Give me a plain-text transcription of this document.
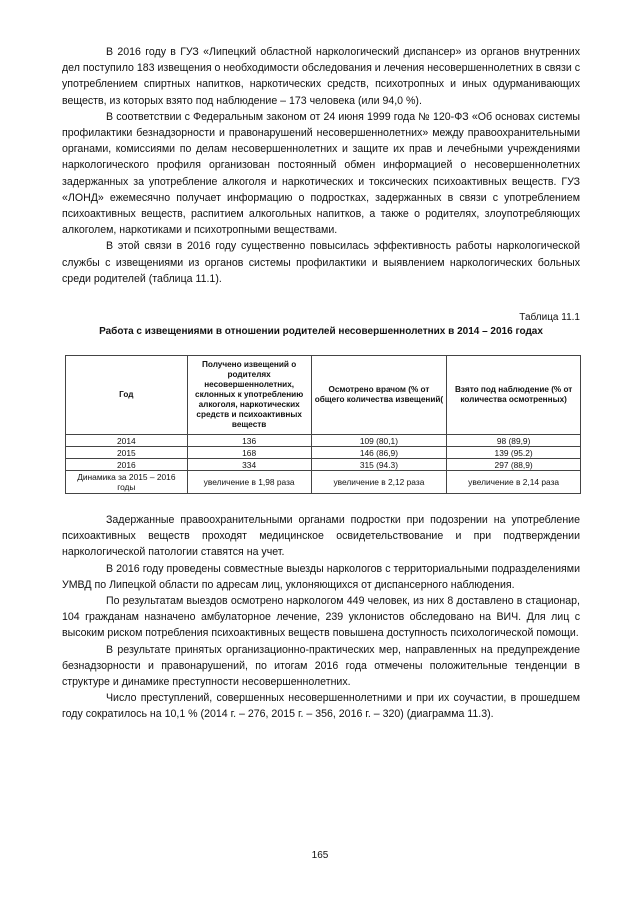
В 2016 году в ГУЗ «Липецкий областной наркологический диспансер» из органов внутренних дел поступило 183 извещения о необходимости обследования и лечения несовершеннолетних в связи с употреблением спиртных напитков, наркотических средств, психотропных и иных одурманивающих веществ, из которых взято под наблюдение – 173 человека (или 94,0 %).

В соответствии с Федеральным законом от 24 июня 1999 года № 120-ФЗ «Об основах системы профилактики безнадзорности и правонарушений несовершеннолетних» между правоохранительными органами, комиссиями по делам несовершеннолетних и защите их прав и лечебными учреждениями наркологического профиля организован постоянный обмен информацией о несовершеннолетних задержанных за употребление алкоголя и наркотических и токсических психоактивных веществ. ГУЗ «ЛОНД» ежемесячно получает информацию о подростках, задержанных в связи с употреблением психоактивных веществ, распитием алкогольных напитков, а также о родителях, злоупотребляющих алкоголем, наркотиками и психотропными веществами.

В этой связи в 2016 году существенно повысилась эффективность работы наркологической службы с извещениями из органов системы профилактики и выявлением наркологических больных среди родителей (таблица 11.1).

Таблица 11.1
Работа с извещениями в отношении родителей несовершеннолетних в 2014 – 2016 годах
Год	Получено извещений о родителях несовершеннолетних, склонных к употреблению алкоголя, наркотических средств и психоактивных веществ	Осмотрено врачом (% от общего количества извещений(	Взято под наблюдение (% от количества осмотренных)
2014	136	109 (80,1)	98 (89,9)
2015	168	146 (86,9)	139 (95.2)
2016	334	315 (94.3)	297 (88,9)
Динамика за 2015 – 2016 годы	увеличение в 1,98 раза	увеличение в 2,12 раза	увеличение в 2,14 раза

Задержанные правоохранительными органами подростки при подозрении на употребление психоактивных веществ проходят медицинское освидетельствование и при подтверждении наркологической патологии ставятся на учет.

В 2016 году проведены совместные выезды наркологов с территориальными подразделениями УМВД по Липецкой области по адресам лиц, уклоняющихся от диспансерного наблюдения.

По результатам выездов осмотрено наркологом 449 человек, из них 8 доставлено в стационар, 104 гражданам назначено амбулаторное лечение, 239 уклонистов обследовано на ВИЧ. Для лиц с высоким риском потребления психоактивных веществ повышена доступность психологической помощи.

В результате принятых организационно-практических мер, направленных на предупреждение безнадзорности и правонарушений, по итогам 2016 года отмечены положительные тенденции в структуре и динамике преступности несовершеннолетних.

Число преступлений, совершенных несовершеннолетними и при их соучастии, в прошедшем году сократилось на 10,1 % (2014 г. – 276, 2015 г. – 356, 2016 г. – 320) (диаграмма 11.3).

165
